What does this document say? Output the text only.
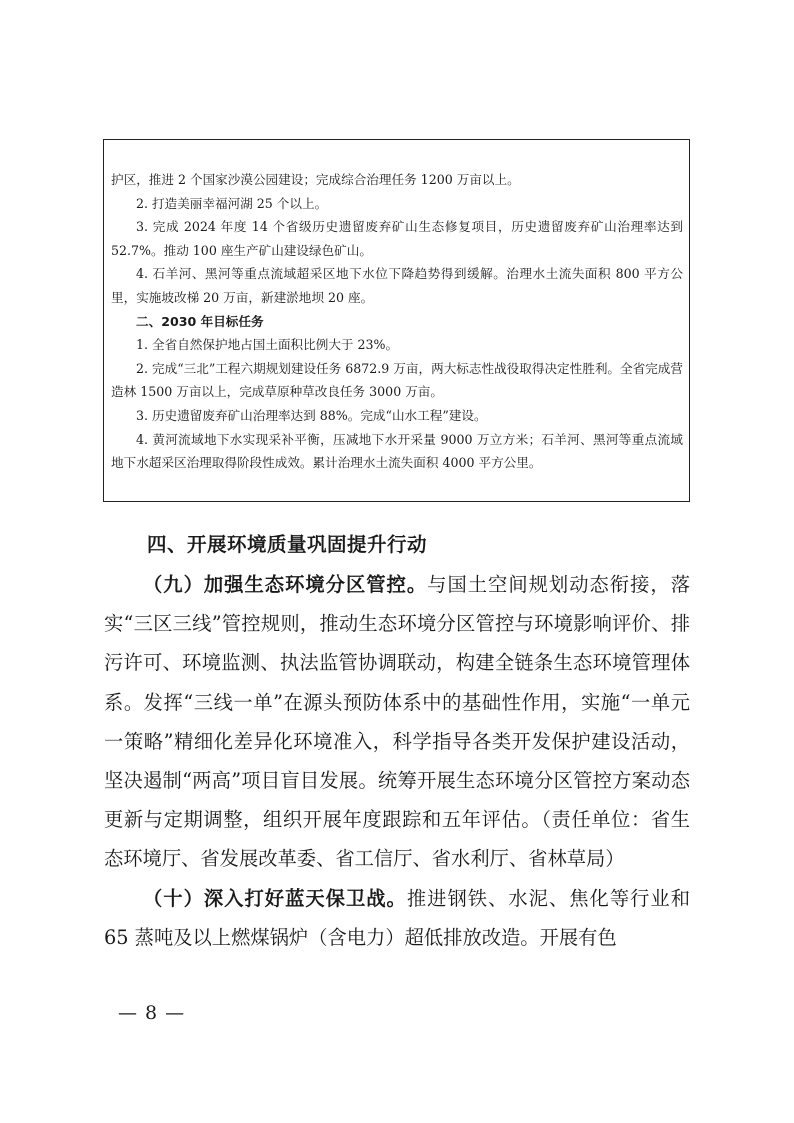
护区，推进 2 个国家沙漠公园建设；完成综合治理任务 1200 万亩以上。

2. 打造美丽幸福河湖 25 个以上。

3. 完成 2024 年度 14 个省级历史遗留废弃矿山生态修复项目，历史遗留废弃矿山治理率达到 52.7%。推动 100 座生产矿山建设绿色矿山。

4. 石羊河、黑河等重点流域超采区地下水位下降趋势得到缓解。治理水土流失面积 800 平方公里，实施坡改梯 20 万亩，新建淤地坝 20 座。

二、2030 年目标任务

1. 全省自然保护地占国土面积比例大于 23%。

2. 完成“三北”工程六期规划建设任务 6872.9 万亩，两大标志性战役取得决定性胜利。全省完成营造林 1500 万亩以上，完成草原种草改良任务 3000 万亩。

3. 历史遗留废弃矿山治理率达到 88%。完成“山水工程”建设。

4. 黄河流域地下水实现采补平衡，压减地下水开采量 9000 万立方米；石羊河、黑河等重点流域地下水超采区治理取得阶段性成效。累计治理水土流失面积 4000 平方公里。

四、开展环境质量巩固提升行动

（九）加强生态环境分区管控。与国土空间规划动态衔接，落实“三区三线”管控规则，推动生态环境分区管控与环境影响评价、排污许可、环境监测、执法监管协调联动，构建全链条生态环境管理体系。发挥“三线一单”在源头预防体系中的基础性作用，实施“一单元一策略”精细化差异化环境准入，科学指导各类开发保护建设活动，坚决遏制“两高”项目盲目发展。统筹开展生态环境分区管控方案动态更新与定期调整，组织开展年度跟踪和五年评估。（责任单位：省生态环境厅、省发展改革委、省工信厅、省水利厅、省林草局）

（十）深入打好蓝天保卫战。推进钢铁、水泥、焦化等行业和 65 蒸吨及以上燃煤锅炉（含电力）超低排放改造。开展有色

— 8 —
